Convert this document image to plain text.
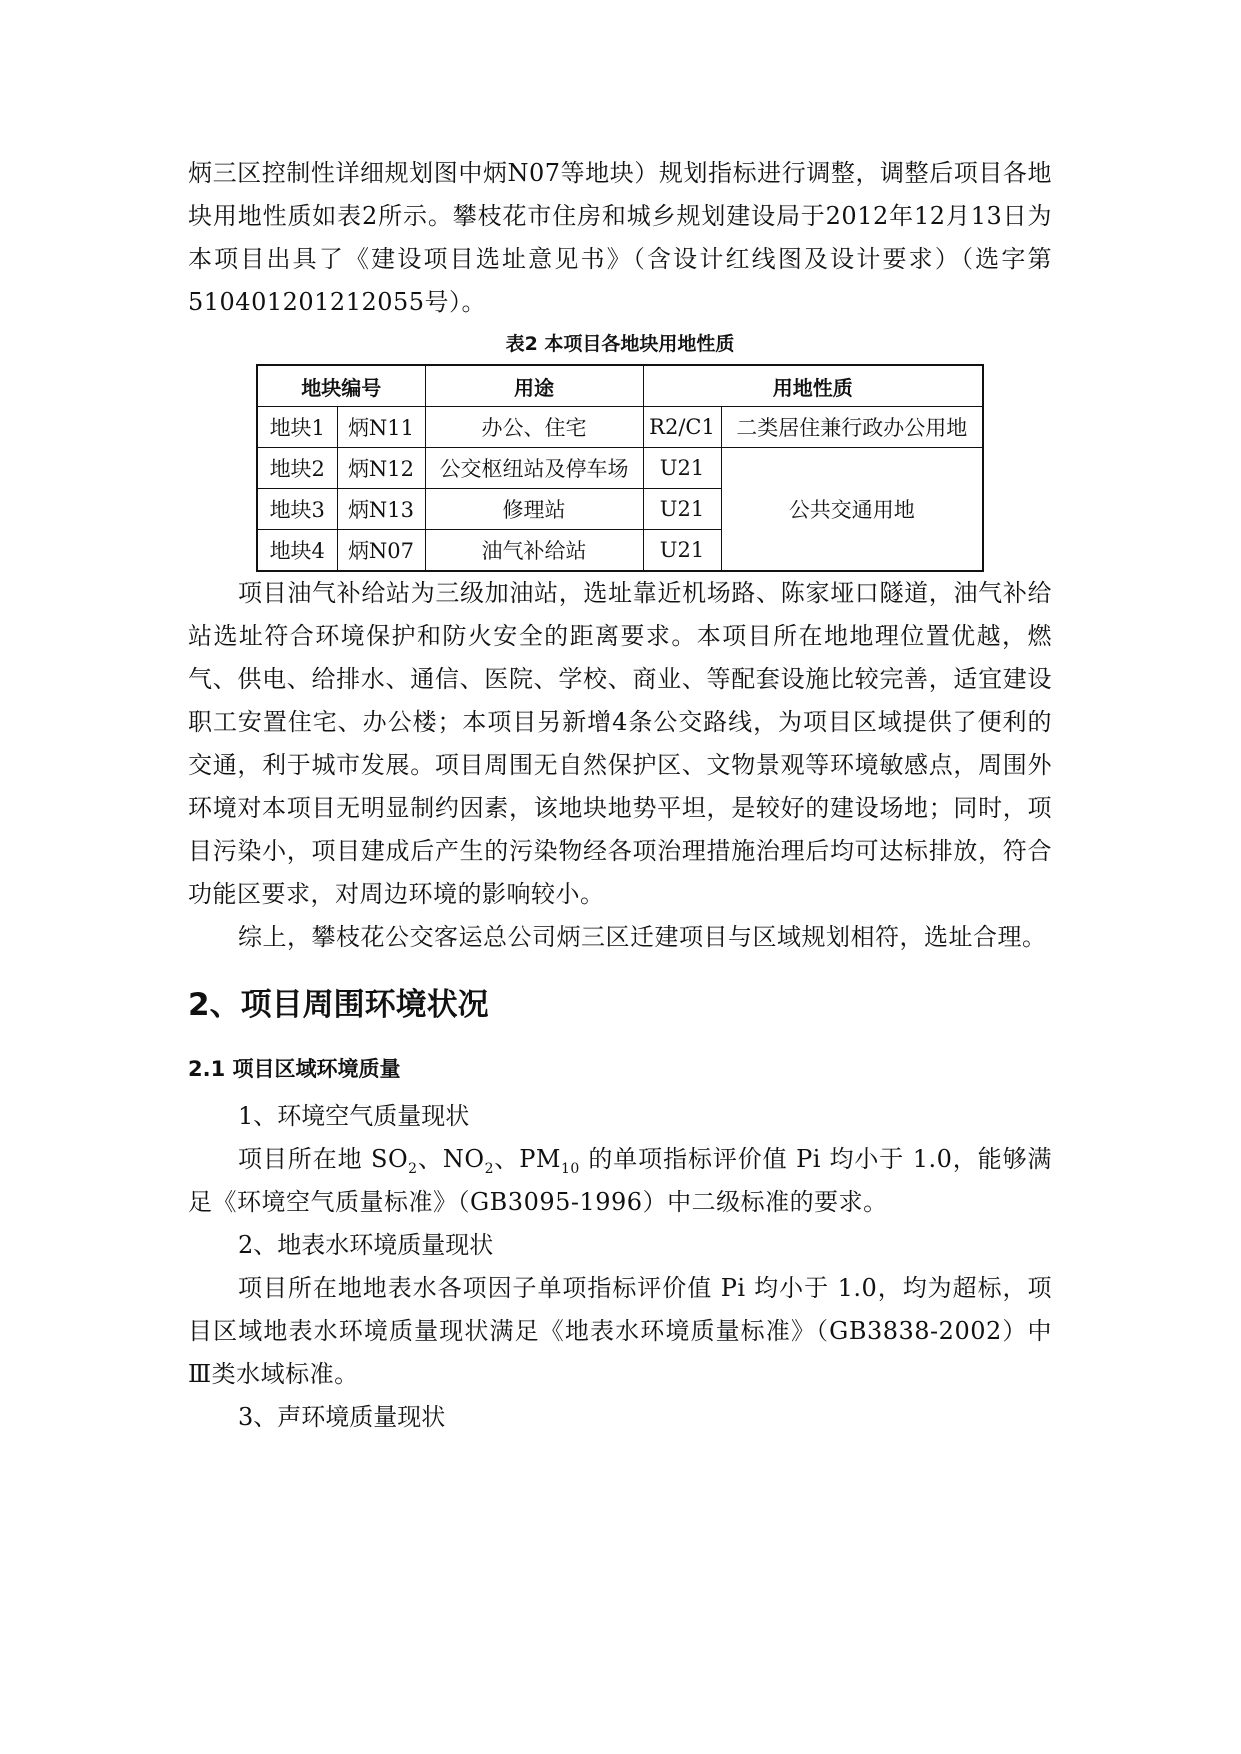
炳三区控制性详细规划图中炳N07等地块）规划指标进行调整，调整后项目各地块用地性质如表2所示。攀枝花市住房和城乡规划建设局于2012年12月13日为本项目出具了《建设项目选址意见书》（含设计红线图及设计要求）（选字第510401201212055号）。

表2 本项目各地块用地性质
地块编号		用途	用地性质	
地块1	炳N11	办公、住宅	R2/C1	二类居住兼行政办公用地
地块2	炳N12	公交枢纽站及停车场	U21	公共交通用地
地块3	炳N13	修理站	U21	
地块4	炳N07	油气补给站	U21	

项目油气补给站为三级加油站，选址靠近机场路、陈家垭口隧道，油气补给站选址符合环境保护和防火安全的距离要求。本项目所在地地理位置优越，燃气、供电、给排水、通信、医院、学校、商业、等配套设施比较完善，适宜建设职工安置住宅、办公楼；本项目另新增4条公交路线，为项目区域提供了便利的交通，利于城市发展。项目周围无自然保护区、文物景观等环境敏感点，周围外环境对本项目无明显制约因素，该地块地势平坦，是较好的建设场地；同时，项目污染小，项目建成后产生的污染物经各项治理措施治理后均可达标排放，符合功能区要求，对周边环境的影响较小。

综上，攀枝花公交客运总公司炳三区迁建项目与区域规划相符，选址合理。

2、项目周围环境状况
2.1 项目区域环境质量

1、环境空气质量现状

项目所在地 $SO_2$、$NO_2$、$PM_{10}$ 的单项指标评价值 Pi 均小于 1.0，能够满足《环境空气质量标准》（GB3095-1996）中二级标准的要求。

2、地表水环境质量现状

项目所在地地表水各项因子单项指标评价值 Pi 均小于 1.0，均为超标，项目区域地表水环境质量现状满足《地表水环境质量标准》（GB3838-2002）中Ⅲ类水域标准。

3、声环境质量现状
